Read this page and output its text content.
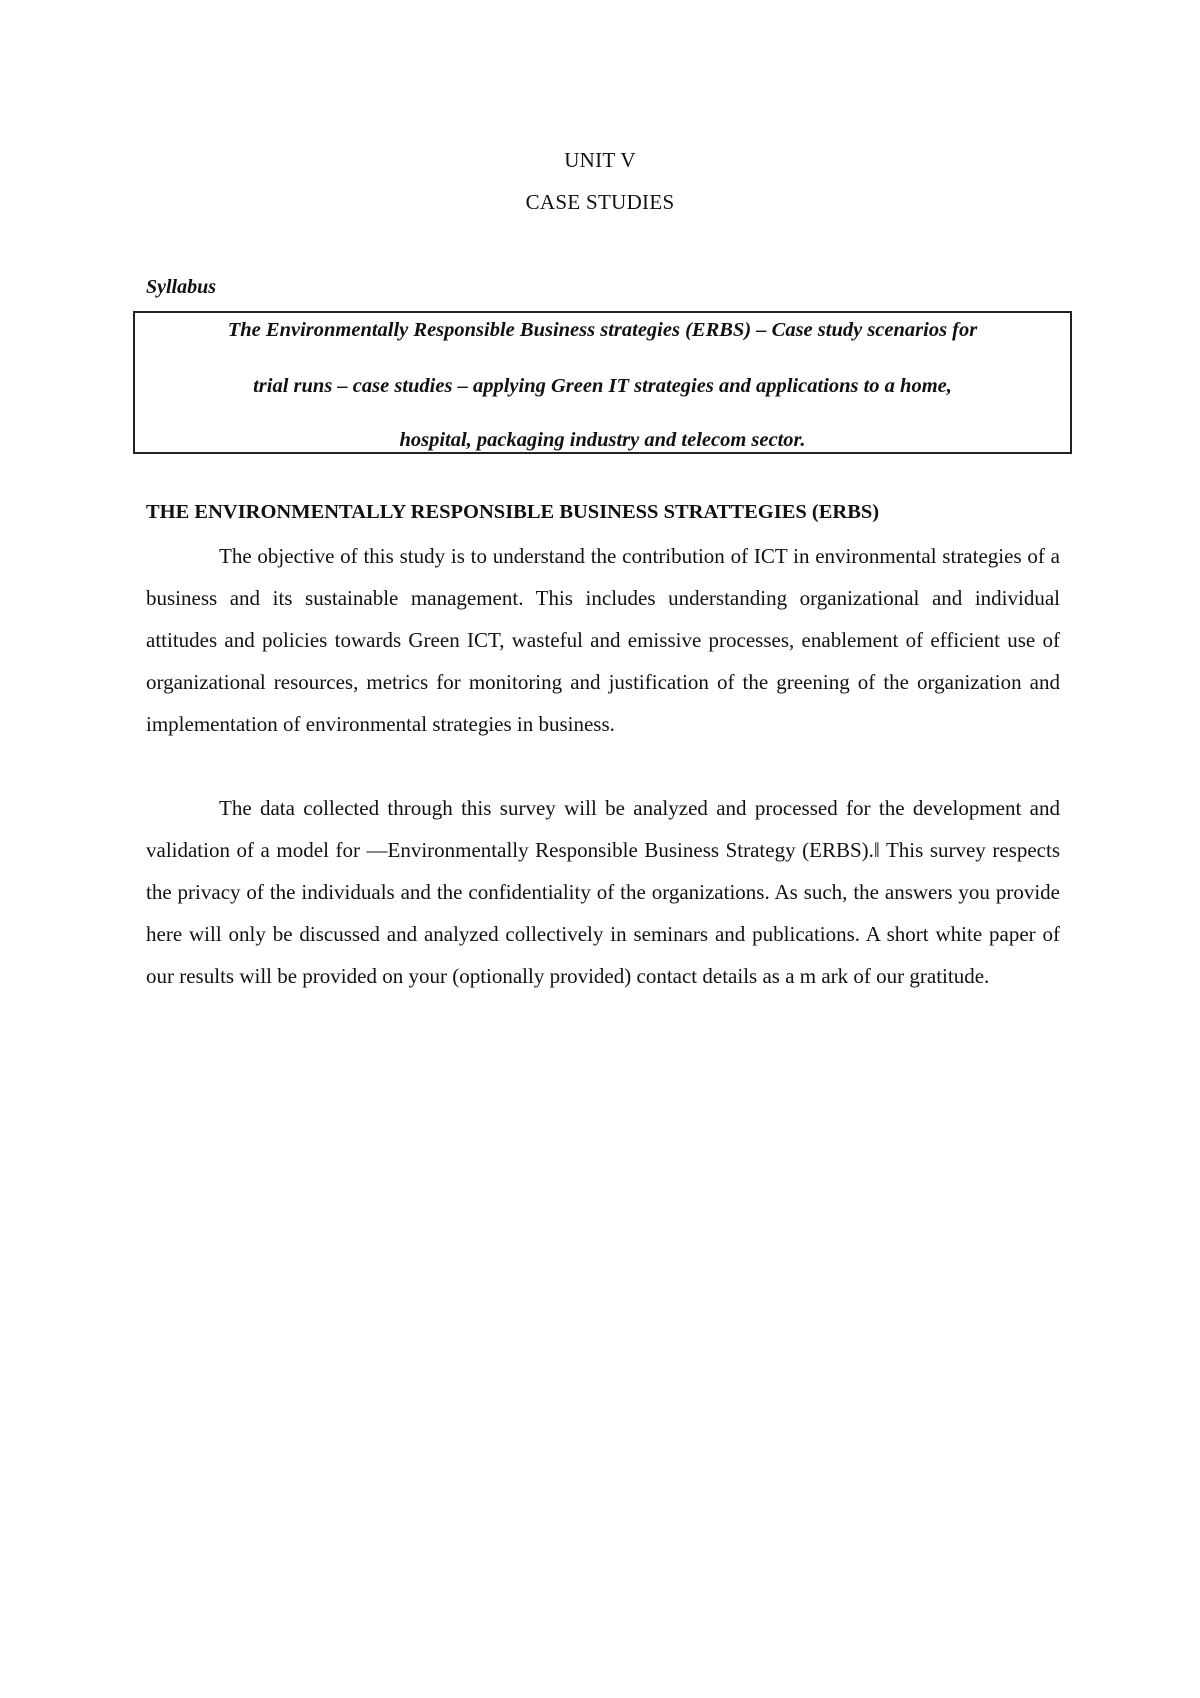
UNIT V
CASE STUDIES
Syllabus
The Environmentally Responsible Business strategies (ERBS) – Case study scenarios for
trial runs – case studies – applying Green IT strategies and applications to a home,
hospital, packaging industry and telecom sector.
THE ENVIRONMENTALLY RESPONSIBLE BUSINESS STRATTEGIES (ERBS)

The objective of this study is to understand the contribution of ICT in environmental strategies of a business and its sustainable management. This includes understanding organizational and individual attitudes and policies towards Green ICT, wasteful and emissive processes, enablement of efficient use of organizational resources, metrics for monitoring and justification of the greening of the organization and implementation of environmental strategies in business.

The data collected through this survey will be analyzed and processed for the development and validation of a model for ―Environmentally Responsible Business Strategy (ERBS).‖ This survey respects the privacy of the individuals and the confidentiality of the organizations. As such, the answers you provide here will only be discussed and analyzed collectively in seminars and publications. A short white paper of our results will be provided on your (optionally provided) contact details as a m ark of our gratitude.
